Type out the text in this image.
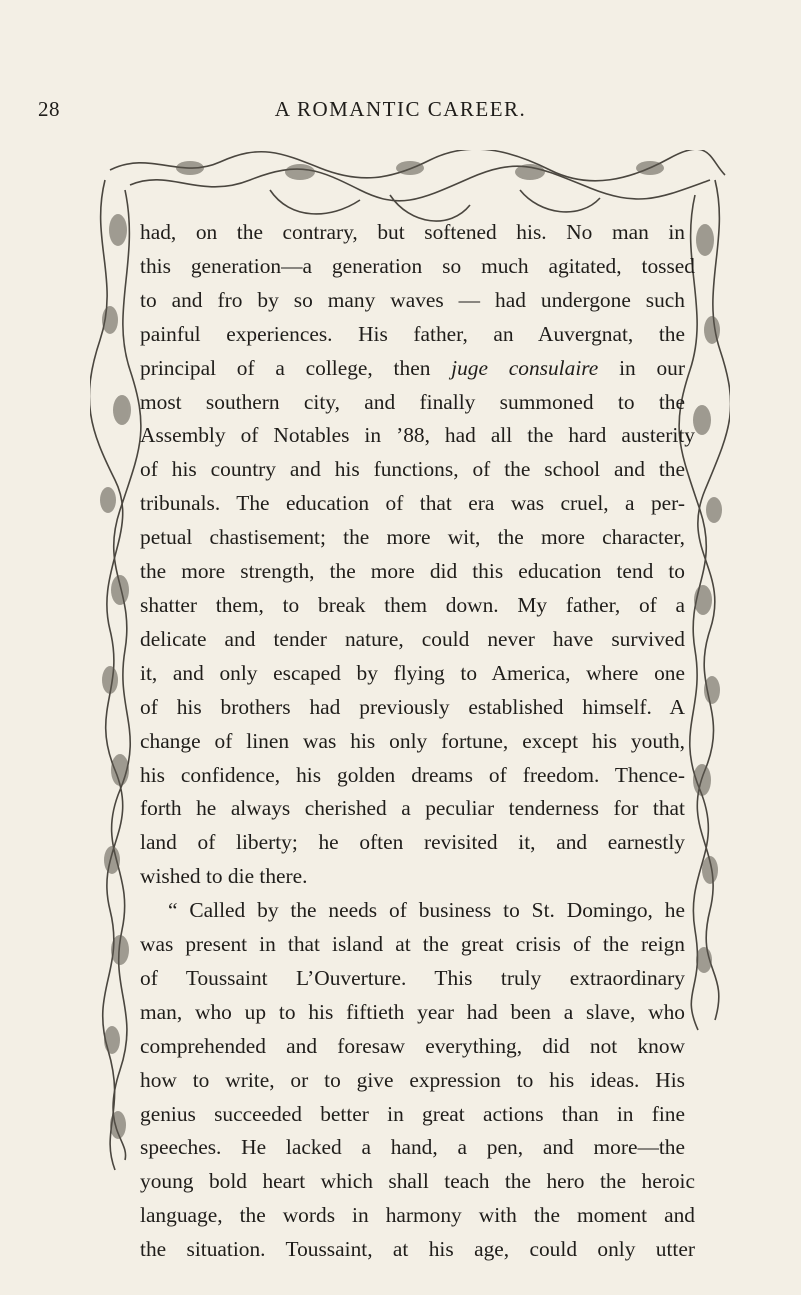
28	A ROMANTIC CAREER.
had, on the contrary, but softened his. No man in
this generation—a generation so much agitated, tossed
to and fro by so many waves — had undergone such
painful experiences. His father, an Auvergnat, the
principal of a college, then juge consulaire in our
most southern city, and finally summoned to the
Assembly of Notables in ’88, had all the hard austerity
of his country and his functions, of the school and the
tribunals. The education of that era was cruel, a per-
petual chastisement; the more wit, the more character,
the more strength, the more did this education tend to
shatter them, to break them down. My father, of a
delicate and tender nature, could never have survived
it, and only escaped by flying to America, where one
of his brothers had previously established himself. A
change of linen was his only fortune, except his youth,
his confidence, his golden dreams of freedom. Thence-
forth he always cherished a peculiar tenderness for that
land of liberty; he often revisited it, and earnestly
wished to die there.
“ Called by the needs of business to St. Domingo, he
was present in that island at the great crisis of the reign
of Toussaint L’Ouverture. This truly extraordinary
man, who up to his fiftieth year had been a slave, who
comprehended and foresaw everything, did not know
how to write, or to give expression to his ideas. His
genius succeeded better in great actions than in fine
speeches. He lacked a hand, a pen, and more—the
young bold heart which shall teach the hero the heroic
language, the words in harmony with the moment and
the situation. Toussaint, at his age, could only utter
